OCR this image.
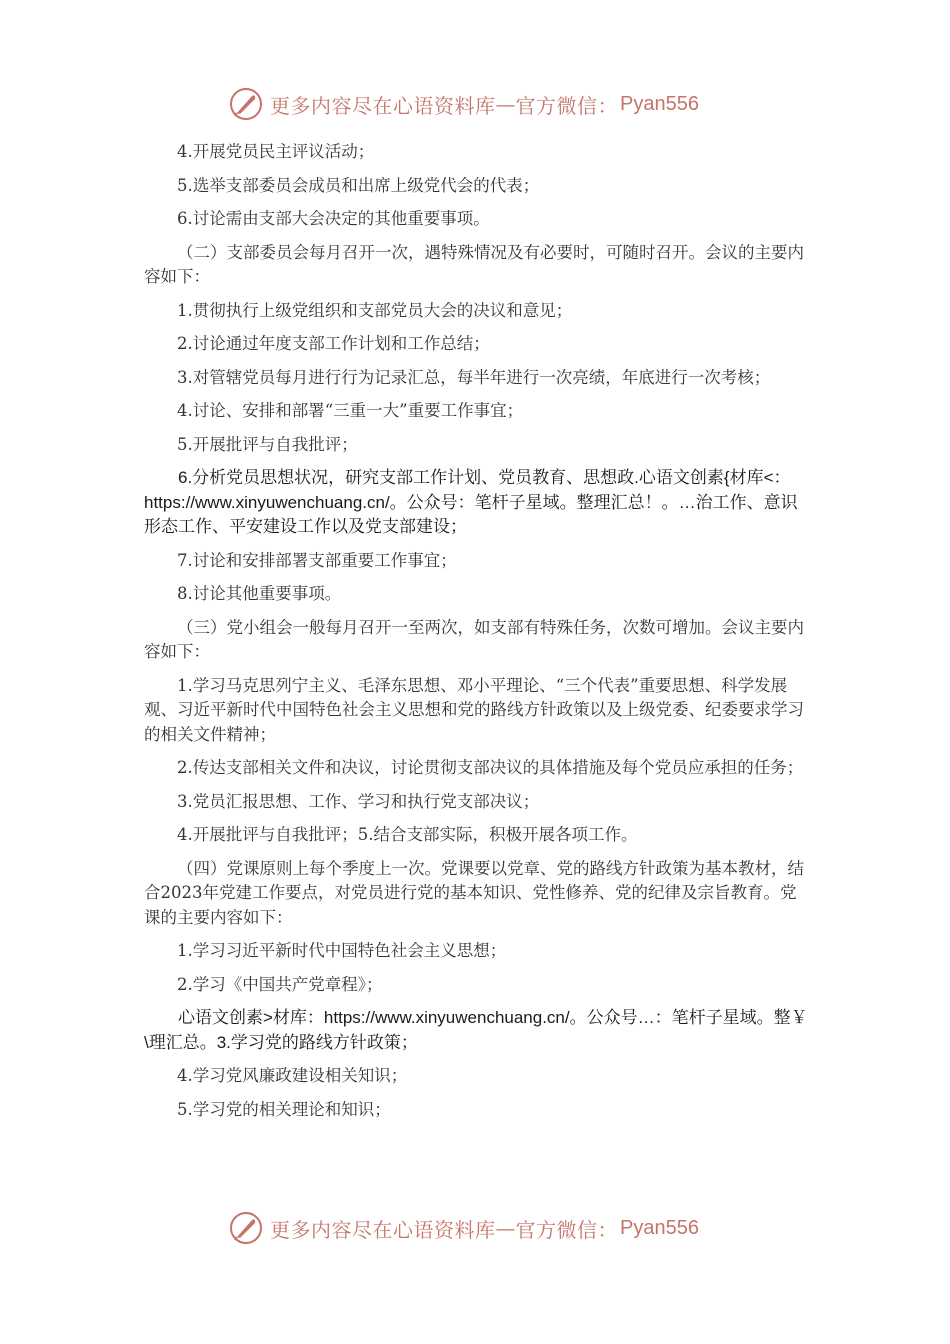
更多内容尽在心语资料库 — 官方微信： Pyan556

4.开展党员民主评议活动；

5.选举支部委员会成员和出席上级党代会的代表；

6.讨论需由支部大会决定的其他重要事项。

（二）支部委员会每月召开一次，遇特殊情况及有必要时，可随时召开。会议的主要内容如下：

1.贯彻执行上级党组织和支部党员大会的决议和意见；

2.讨论通过年度支部工作计划和工作总结；

3.对管辖党员每月进行行为记录汇总，每半年进行一次亮绩，年底进行一次考核；

4.讨论、安排和部署“三重一大”重要工作事宜；

5.开展批评与自我批评；

6.分析党员思想状况，研究支部工作计划、党员教育、思想政.心语文创素{材库<：https://www.xinyuwenchuang.cn/。公众号：笔杆子星域。整理汇总！。…治工作、意识形态工作、平安建设工作以及党支部建设；

7.讨论和安排部署支部重要工作事宜；

8.讨论其他重要事项。

（三）党小组会一般每月召开一至两次，如支部有特殊任务，次数可增加。会议主要内容如下：

1.学习马克思列宁主义、毛泽东思想、邓小平理论、“三个代表”重要思想、科学发展观、习近平新时代中国特色社会主义思想和党的路线方针政策以及上级党委、纪委要求学习的相关文件精神；

2.传达支部相关文件和决议，讨论贯彻支部决议的具体措施及每个党员应承担的任务；

3.党员汇报思想、工作、学习和执行党支部决议；

4.开展批评与自我批评；5.结合支部实际，积极开展各项工作。

（四）党课原则上每个季度上一次。党课要以党章、党的路线方针政策为基本教材，结合2023年党建工作要点，对党员进行党的基本知识、党性修养、党的纪律及宗旨教育。党课的主要内容如下：

1.学习习近平新时代中国特色社会主义思想；

2.学习《中国共产党章程》；

心语文创素>材库：https://www.xinyuwenchuang.cn/。公众号…：笔杆子星域。整￥\理汇总。3.学习党的路线方针政策；

4.学习党风廉政建设相关知识；

5.学习党的相关理论和知识；

更多内容尽在心语资料库 — 官方微信： Pyan556
